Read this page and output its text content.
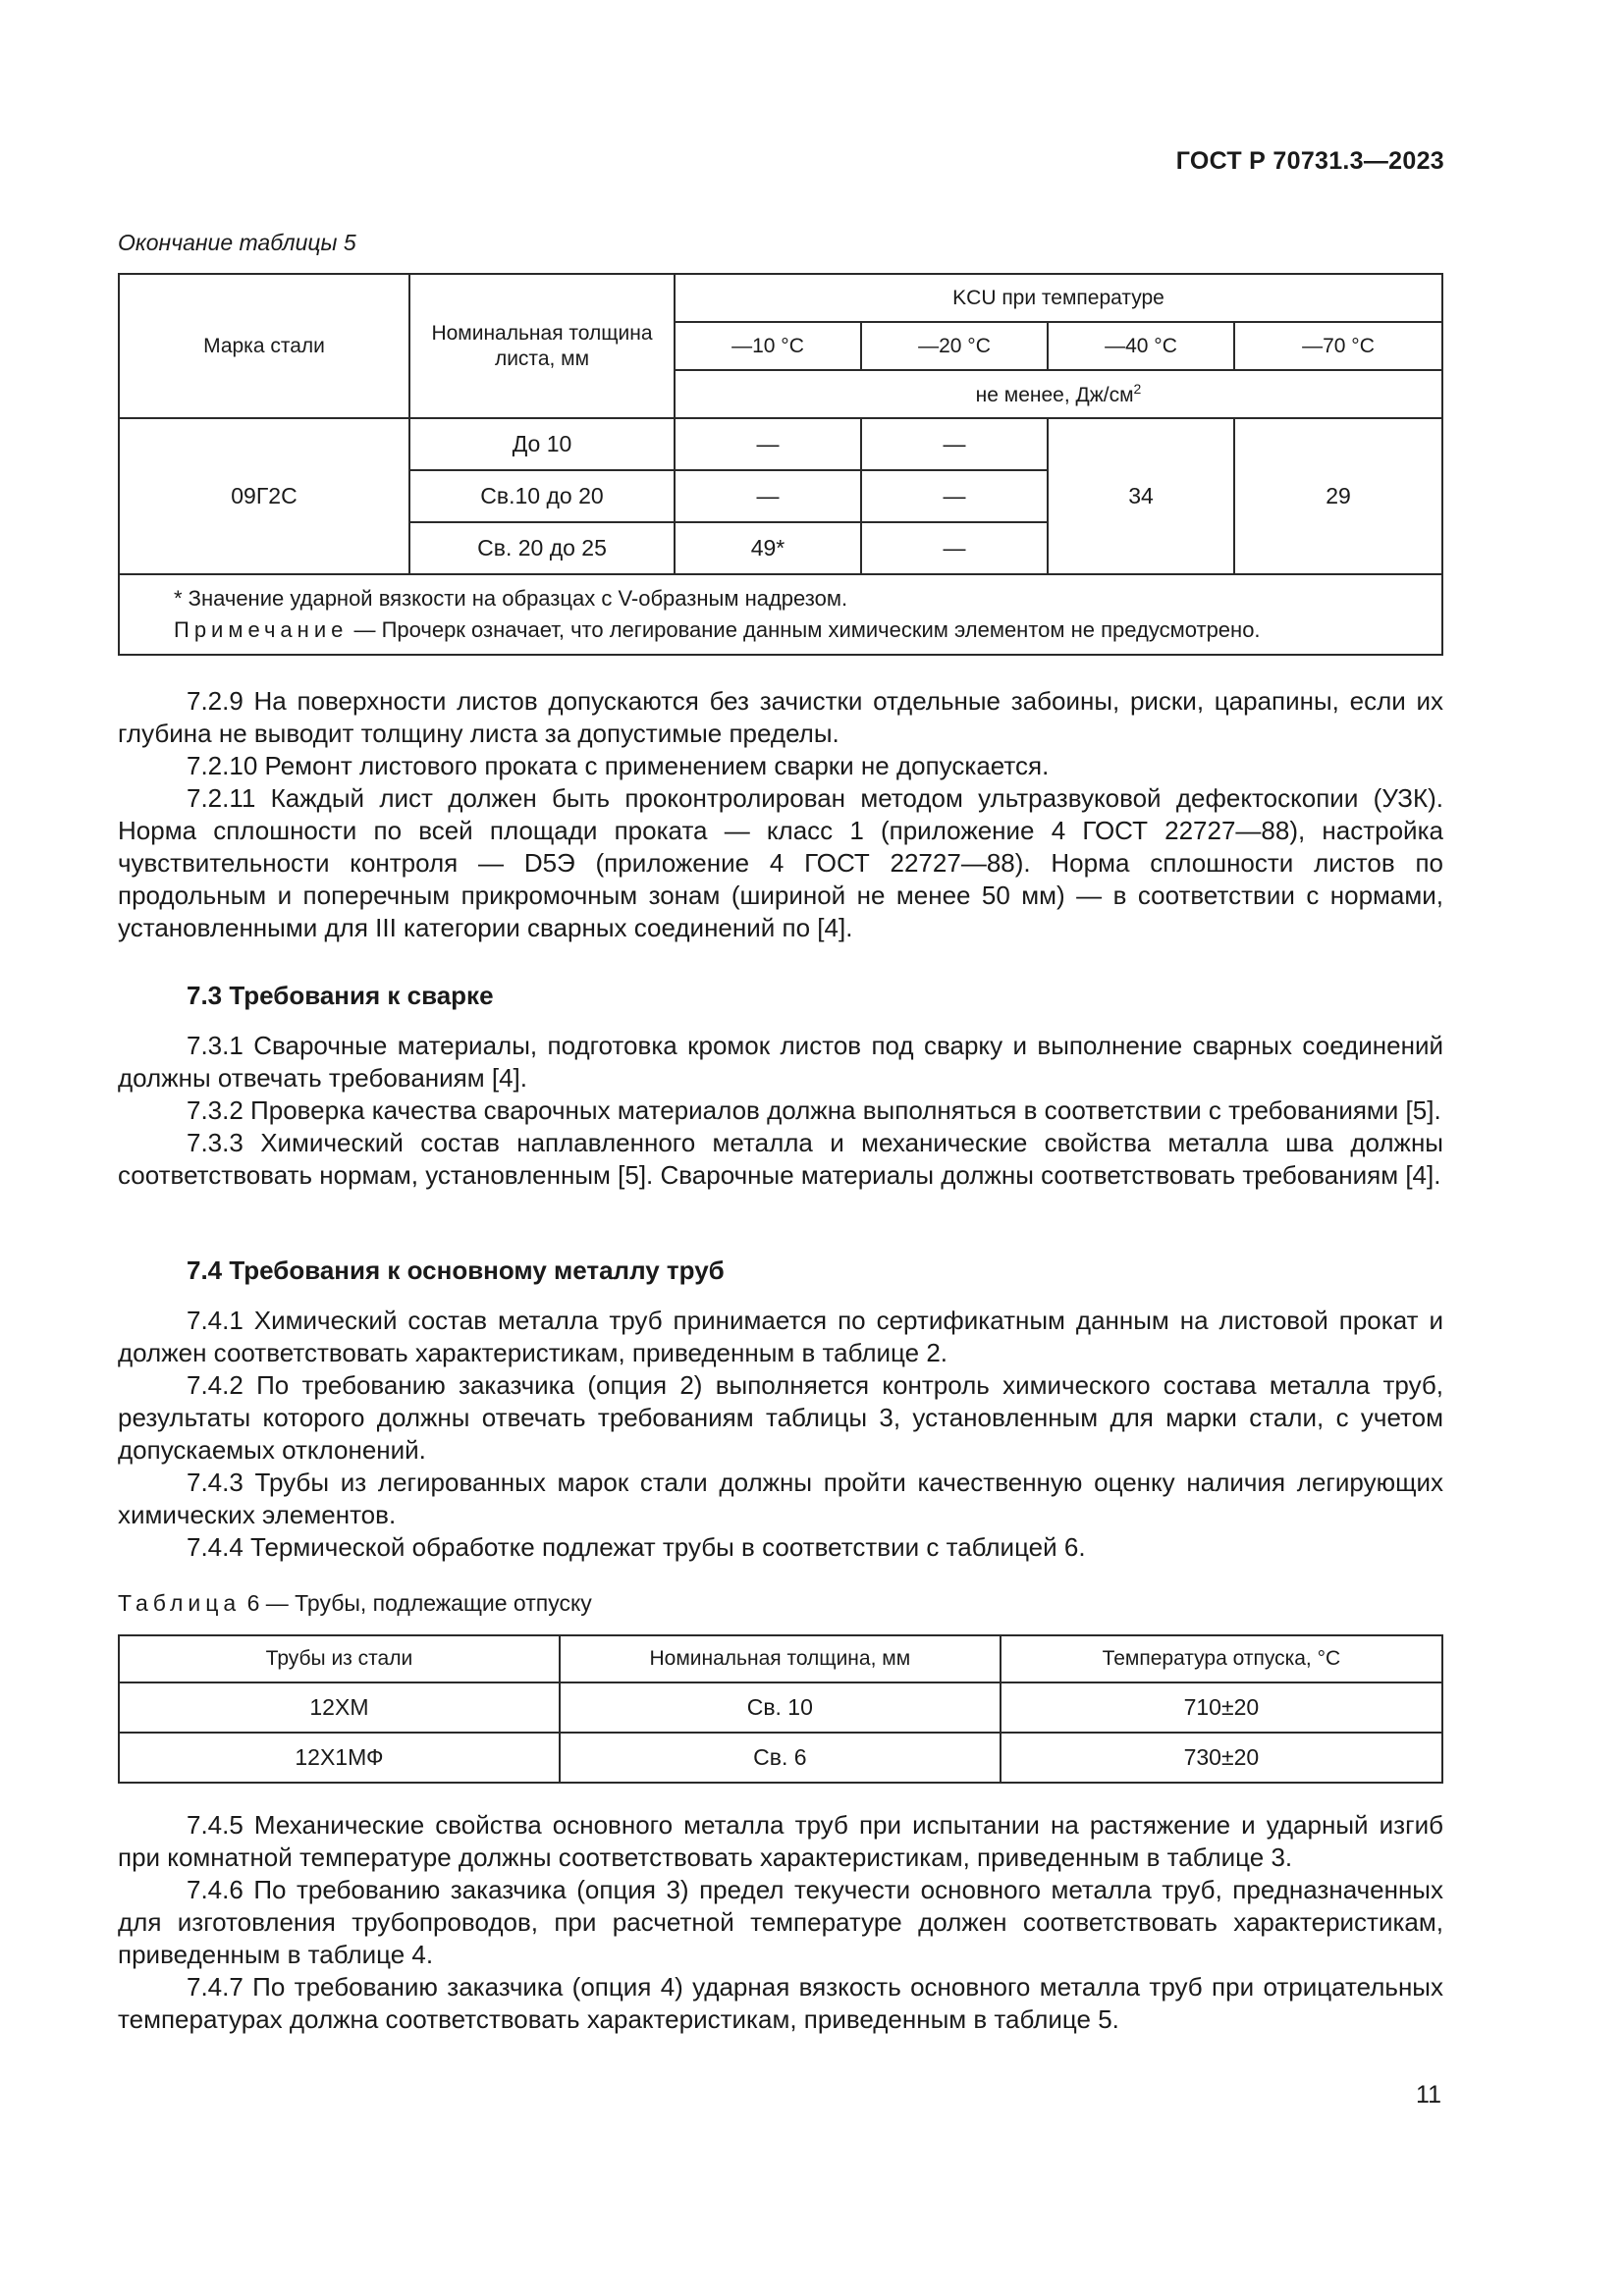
ГОСТ Р 70731.3—2023
Окончание таблицы 5
Марка стали	Номинальная толщина листа, мм	KCU при температуре			
		—10 °С	—20 °С	—40 °С	—70 °С
		не менее, $Дж/см^2$
09Г2С	До 10	—	—	34	29
	Св.10 до 20	—	—		
	Св. 20 до 25	49*	—		

* Значение ударной вязкости на образцах с V-образным надрезом.
Примечание — Прочерк означает, что легирование данным химическим элементом не предусмотрено.					

7.2.9 На поверхности листов допускаются без зачистки отдельные забоины, риски, царапины, если их глубина не выводит толщину листа за допустимые пределы.

7.2.10 Ремонт листового проката с применением сварки не допускается.

7.2.11 Каждый лист должен быть проконтролирован методом ультразвуковой дефектоскопии (УЗК). Норма сплошности по всей площади проката — класс 1 (приложение 4 ГОСТ 22727—88), настройка чувствительности контроля — D5Э (приложение 4 ГОСТ 22727—88). Норма сплошности листов по продольным и поперечным прикромочным зонам (шириной не менее 50 мм) — в соответствии с нормами, установленными для III категории сварных соединений по [4].

7.3 Требования к сварке

7.3.1 Сварочные материалы, подготовка кромок листов под сварку и выполнение сварных соединений должны отвечать требованиям [4].

7.3.2 Проверка качества сварочных материалов должна выполняться в соответствии с требованиями [5].

7.3.3 Химический состав наплавленного металла и механические свойства металла шва должны соответствовать нормам, установленным [5]. Сварочные материалы должны соответствовать требованиям [4].

7.4 Требования к основному металлу труб

7.4.1 Химический состав металла труб принимается по сертификатным данным на листовой прокат и должен соответствовать характеристикам, приведенным в таблице 2.

7.4.2 По требованию заказчика (опция 2) выполняется контроль химического состава металла труб, результаты которого должны отвечать требованиям таблицы 3, установленным для марки стали, с учетом допускаемых отклонений.

7.4.3 Трубы из легированных марок стали должны пройти качественную оценку наличия легирующих химических элементов.

7.4.4 Термической обработке подлежат трубы в соответствии с таблицей 6.

Таблица 6 — Трубы, подлежащие отпуску
Трубы из стали	Номинальная толщина, мм	Температура отпуска, °С
12ХМ	Св. 10	710±20
12Х1МФ	Св. 6	730±20

7.4.5 Механические свойства основного металла труб при испытании на растяжение и ударный изгиб при комнатной температуре должны соответствовать характеристикам, приведенным в таблице 3.

7.4.6 По требованию заказчика (опция 3) предел текучести основного металла труб, предназначенных для изготовления трубопроводов, при расчетной температуре должен соответствовать характеристикам, приведенным в таблице 4.

7.4.7 По требованию заказчика (опция 4) ударная вязкость основного металла труб при отрицательных температурах должна соответствовать характеристикам, приведенным в таблице 5.

11
